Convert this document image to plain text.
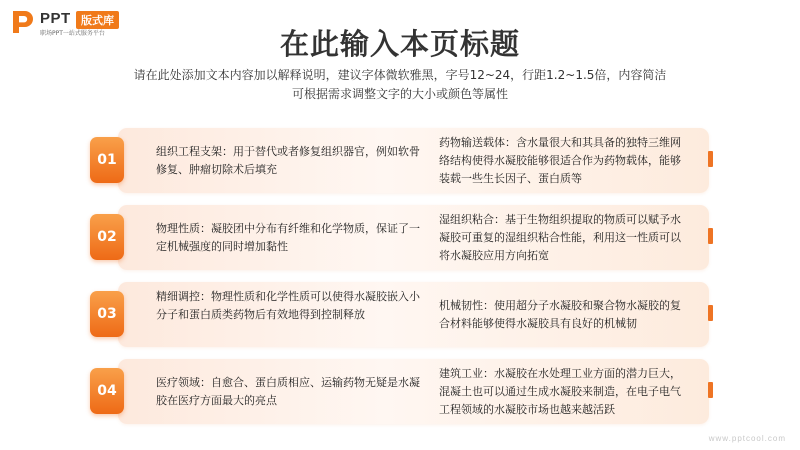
PPT 版式库
职场PPT一站式服务平台	在此输入本页标题
请在此处添加文本内容加以解释说明，建议字体微软雅黑，字号12~24，行距1.2~1.5倍，内容简洁
可根据需求调整文字的大小或颜色等属性
01
组织工程支架：用于替代或者修复组织器官，例如软骨修复、肿瘤切除术后填充
药物输送载体：含水量很大和其具备的独特三维网络结构使得水凝胶能够很适合作为药物载体，能够装载一些生长因子、蛋白质等
02
物理性质：凝胶团中分布有纤维和化学物质，保证了一定机械强度的同时增加黏性
湿组织粘合：基于生物组织提取的物质可以赋予水凝胶可重复的湿组织粘合性能，利用这一性质可以将水凝胶应用方向拓宽
03
精细调控：物理性质和化学性质可以使得水凝胶嵌入小分子和蛋白质类药物后有效地得到控制释放
机械韧性：使用超分子水凝胶和聚合物水凝胶的复合材料能够使得水凝胶具有良好的机械韧
04
医疗领域：自愈合、蛋白质相应、运输药物无疑是水凝胶在医疗方面最大的亮点
建筑工业：水凝胶在水处理工业方面的潜力巨大，混凝土也可以通过生成水凝胶来制造，在电子电气工程领域的水凝胶市场也越来越活跃
www.pptcool.com
